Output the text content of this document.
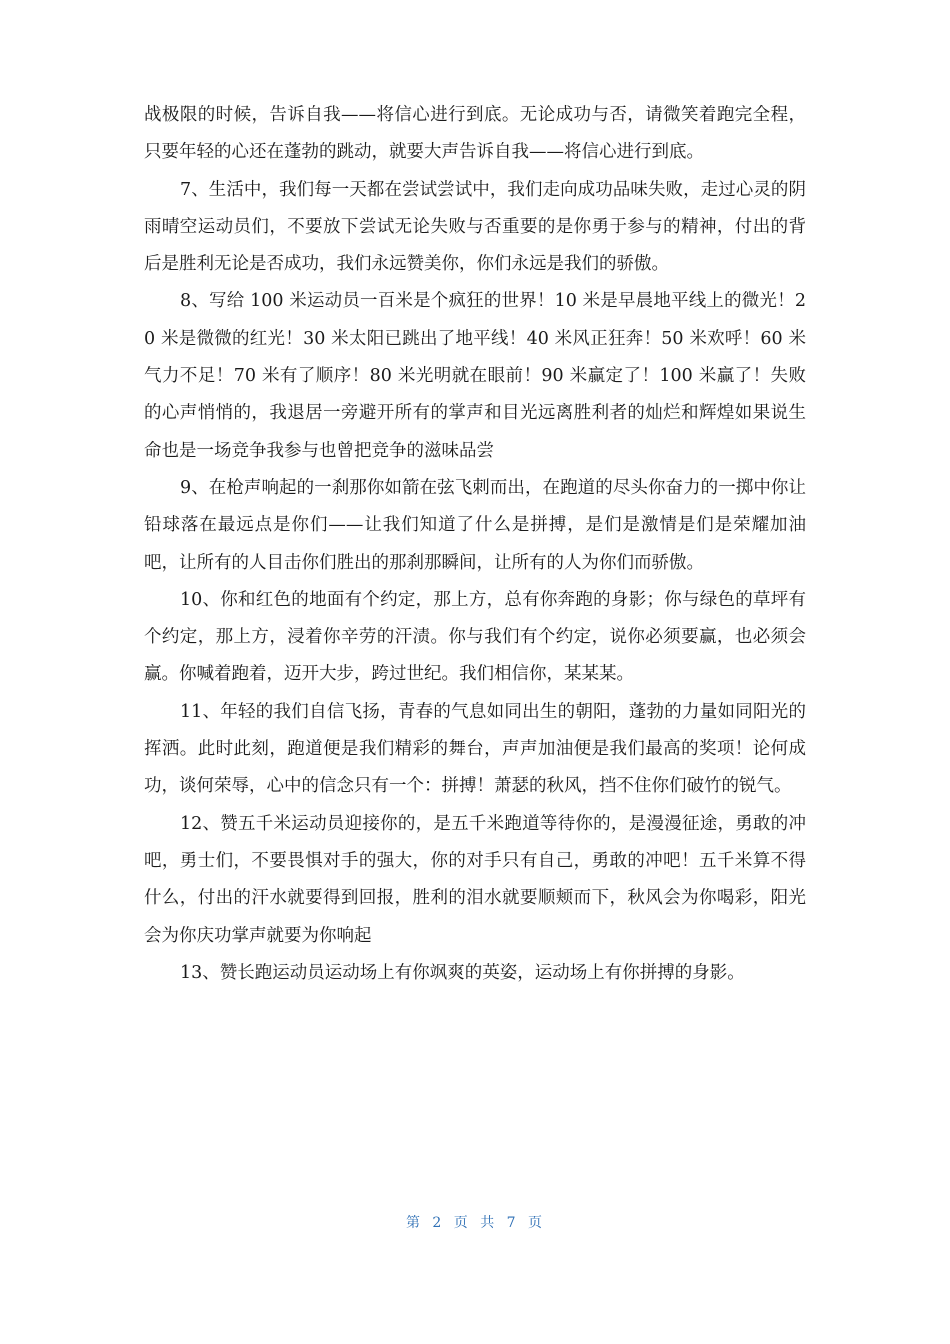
战极限的时候，告诉自我——将信心进行到底。无论成功与否，请微笑着跑完全程，只要年轻的心还在蓬勃的跳动，就要大声告诉自我——将信心进行到底。

7、生活中，我们每一天都在尝试尝试中，我们走向成功品味失败，走过心灵的阴雨晴空运动员们，不要放下尝试无论失败与否重要的是你勇于参与的精神，付出的背后是胜利无论是否成功，我们永远赞美你，你们永远是我们的骄傲。

8、写给 100 米运动员一百米是个疯狂的世界！10 米是早晨地平线上的微光！20 米是微微的红光！30 米太阳已跳出了地平线！40 米风正狂奔！50 米欢呼！60 米气力不足！70 米有了顺序！80 米光明就在眼前！90 米赢定了！100 米赢了！失败的心声悄悄的，我退居一旁避开所有的掌声和目光远离胜利者的灿烂和辉煌如果说生命也是一场竞争我参与也曾把竞争的滋味品尝

9、在枪声响起的一刹那你如箭在弦飞刺而出，在跑道的尽头你奋力的一掷中你让铅球落在最远点是你们——让我们知道了什么是拼搏，是们是激情是们是荣耀加油吧，让所有的人目击你们胜出的那刹那瞬间，让所有的人为你们而骄傲。

10、你和红色的地面有个约定，那上方，总有你奔跑的身影；你与绿色的草坪有个约定，那上方，浸着你辛劳的汗渍。你与我们有个约定，说你必须要赢，也必须会赢。你喊着跑着，迈开大步，跨过世纪。我们相信你，某某某。

11、年轻的我们自信飞扬，青春的气息如同出生的朝阳，蓬勃的力量如同阳光的挥洒。此时此刻，跑道便是我们精彩的舞台，声声加油便是我们最高的奖项！论何成功，谈何荣辱，心中的信念只有一个：拼搏！萧瑟的秋风，挡不住你们破竹的锐气。

12、赞五千米运动员迎接你的，是五千米跑道等待你的，是漫漫征途，勇敢的冲吧，勇士们，不要畏惧对手的强大，你的对手只有自己，勇敢的冲吧！五千米算不得什么，付出的汗水就要得到回报，胜利的泪水就要顺颊而下，秋风会为你喝彩，阳光会为你庆功掌声就要为你响起

13、赞长跑运动员运动场上有你飒爽的英姿，运动场上有你拼搏的身影。

第 2 页 共 7 页
